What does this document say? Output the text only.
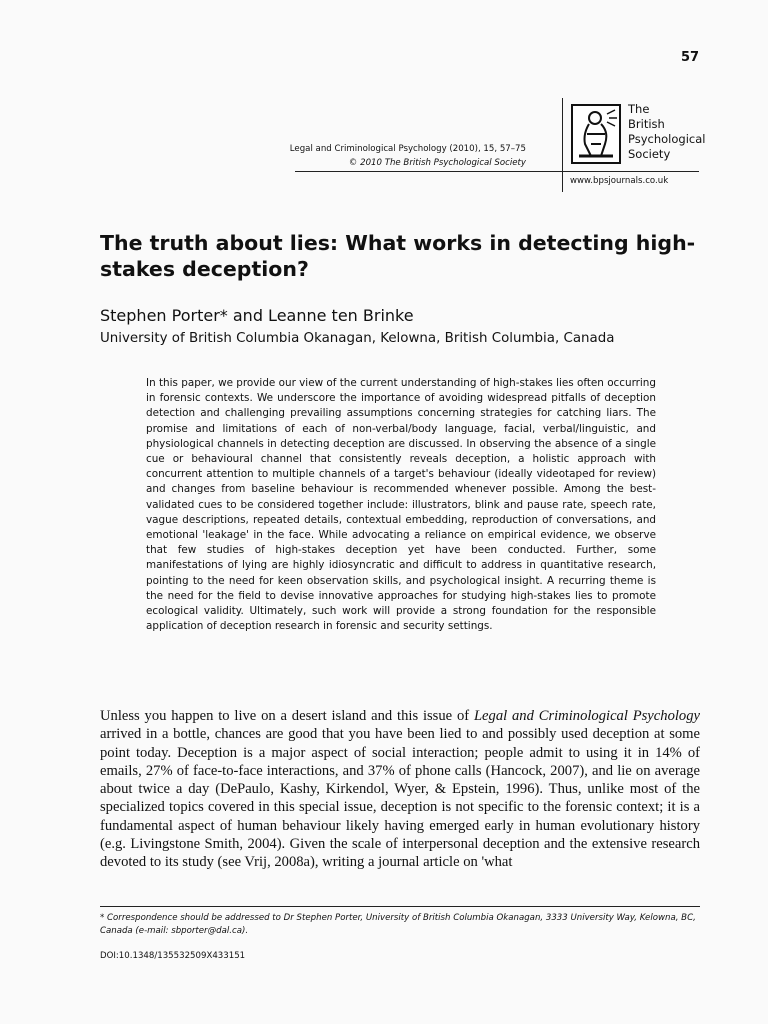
57
Legal and Criminological Psychology (2010), 15, 57–75
© 2010 The British Psychological Society
The
British
Psychological
Society
www.bpsjournals.co.uk
The truth about lies: What works in detecting high-stakes deception?
Stephen Porter* and Leanne ten Brinke
University of British Columbia Okanagan, Kelowna, British Columbia, Canada

In this paper, we provide our view of the current understanding of high-stakes lies often occurring in forensic contexts. We underscore the importance of avoiding widespread pitfalls of deception detection and challenging prevailing assumptions concerning strategies for catching liars. The promise and limitations of each of non-verbal/body language, facial, verbal/linguistic, and physiological channels in detecting deception are discussed. In observing the absence of a single cue or behavioural channel that consistently reveals deception, a holistic approach with concurrent attention to multiple channels of a target's behaviour (ideally videotaped for review) and changes from baseline behaviour is recommended whenever possible. Among the best-validated cues to be considered together include: illustrators, blink and pause rate, speech rate, vague descriptions, repeated details, contextual embedding, reproduction of conversations, and emotional 'leakage' in the face. While advocating a reliance on empirical evidence, we observe that few studies of high-stakes deception yet have been conducted. Further, some manifestations of lying are highly idiosyncratic and difficult to address in quantitative research, pointing to the need for keen observation skills, and psychological insight. A recurring theme is the need for the field to devise innovative approaches for studying high-stakes lies to promote ecological validity. Ultimately, such work will provide a strong foundation for the responsible application of deception research in forensic and security settings.

Unless you happen to live on a desert island and this issue of Legal and Criminological Psychology arrived in a bottle, chances are good that you have been lied to and possibly used deception at some point today. Deception is a major aspect of social interaction; people admit to using it in 14% of emails, 27% of face-to-face interactions, and 37% of phone calls (Hancock, 2007), and lie on average about twice a day (DePaulo, Kashy, Kirkendol, Wyer, & Epstein, 1996). Thus, unlike most of the specialized topics covered in this special issue, deception is not specific to the forensic context; it is a fundamental aspect of human behaviour likely having emerged early in human evolutionary history (e.g. Livingstone Smith, 2004). Given the scale of interpersonal deception and the extensive research devoted to its study (see Vrij, 2008a), writing a journal article on 'what

* Correspondence should be addressed to Dr Stephen Porter, University of British Columbia Okanagan, 3333 University Way, Kelowna, BC, Canada (e-mail: sbporter@dal.ca).

DOI:10.1348/135532509X433151
